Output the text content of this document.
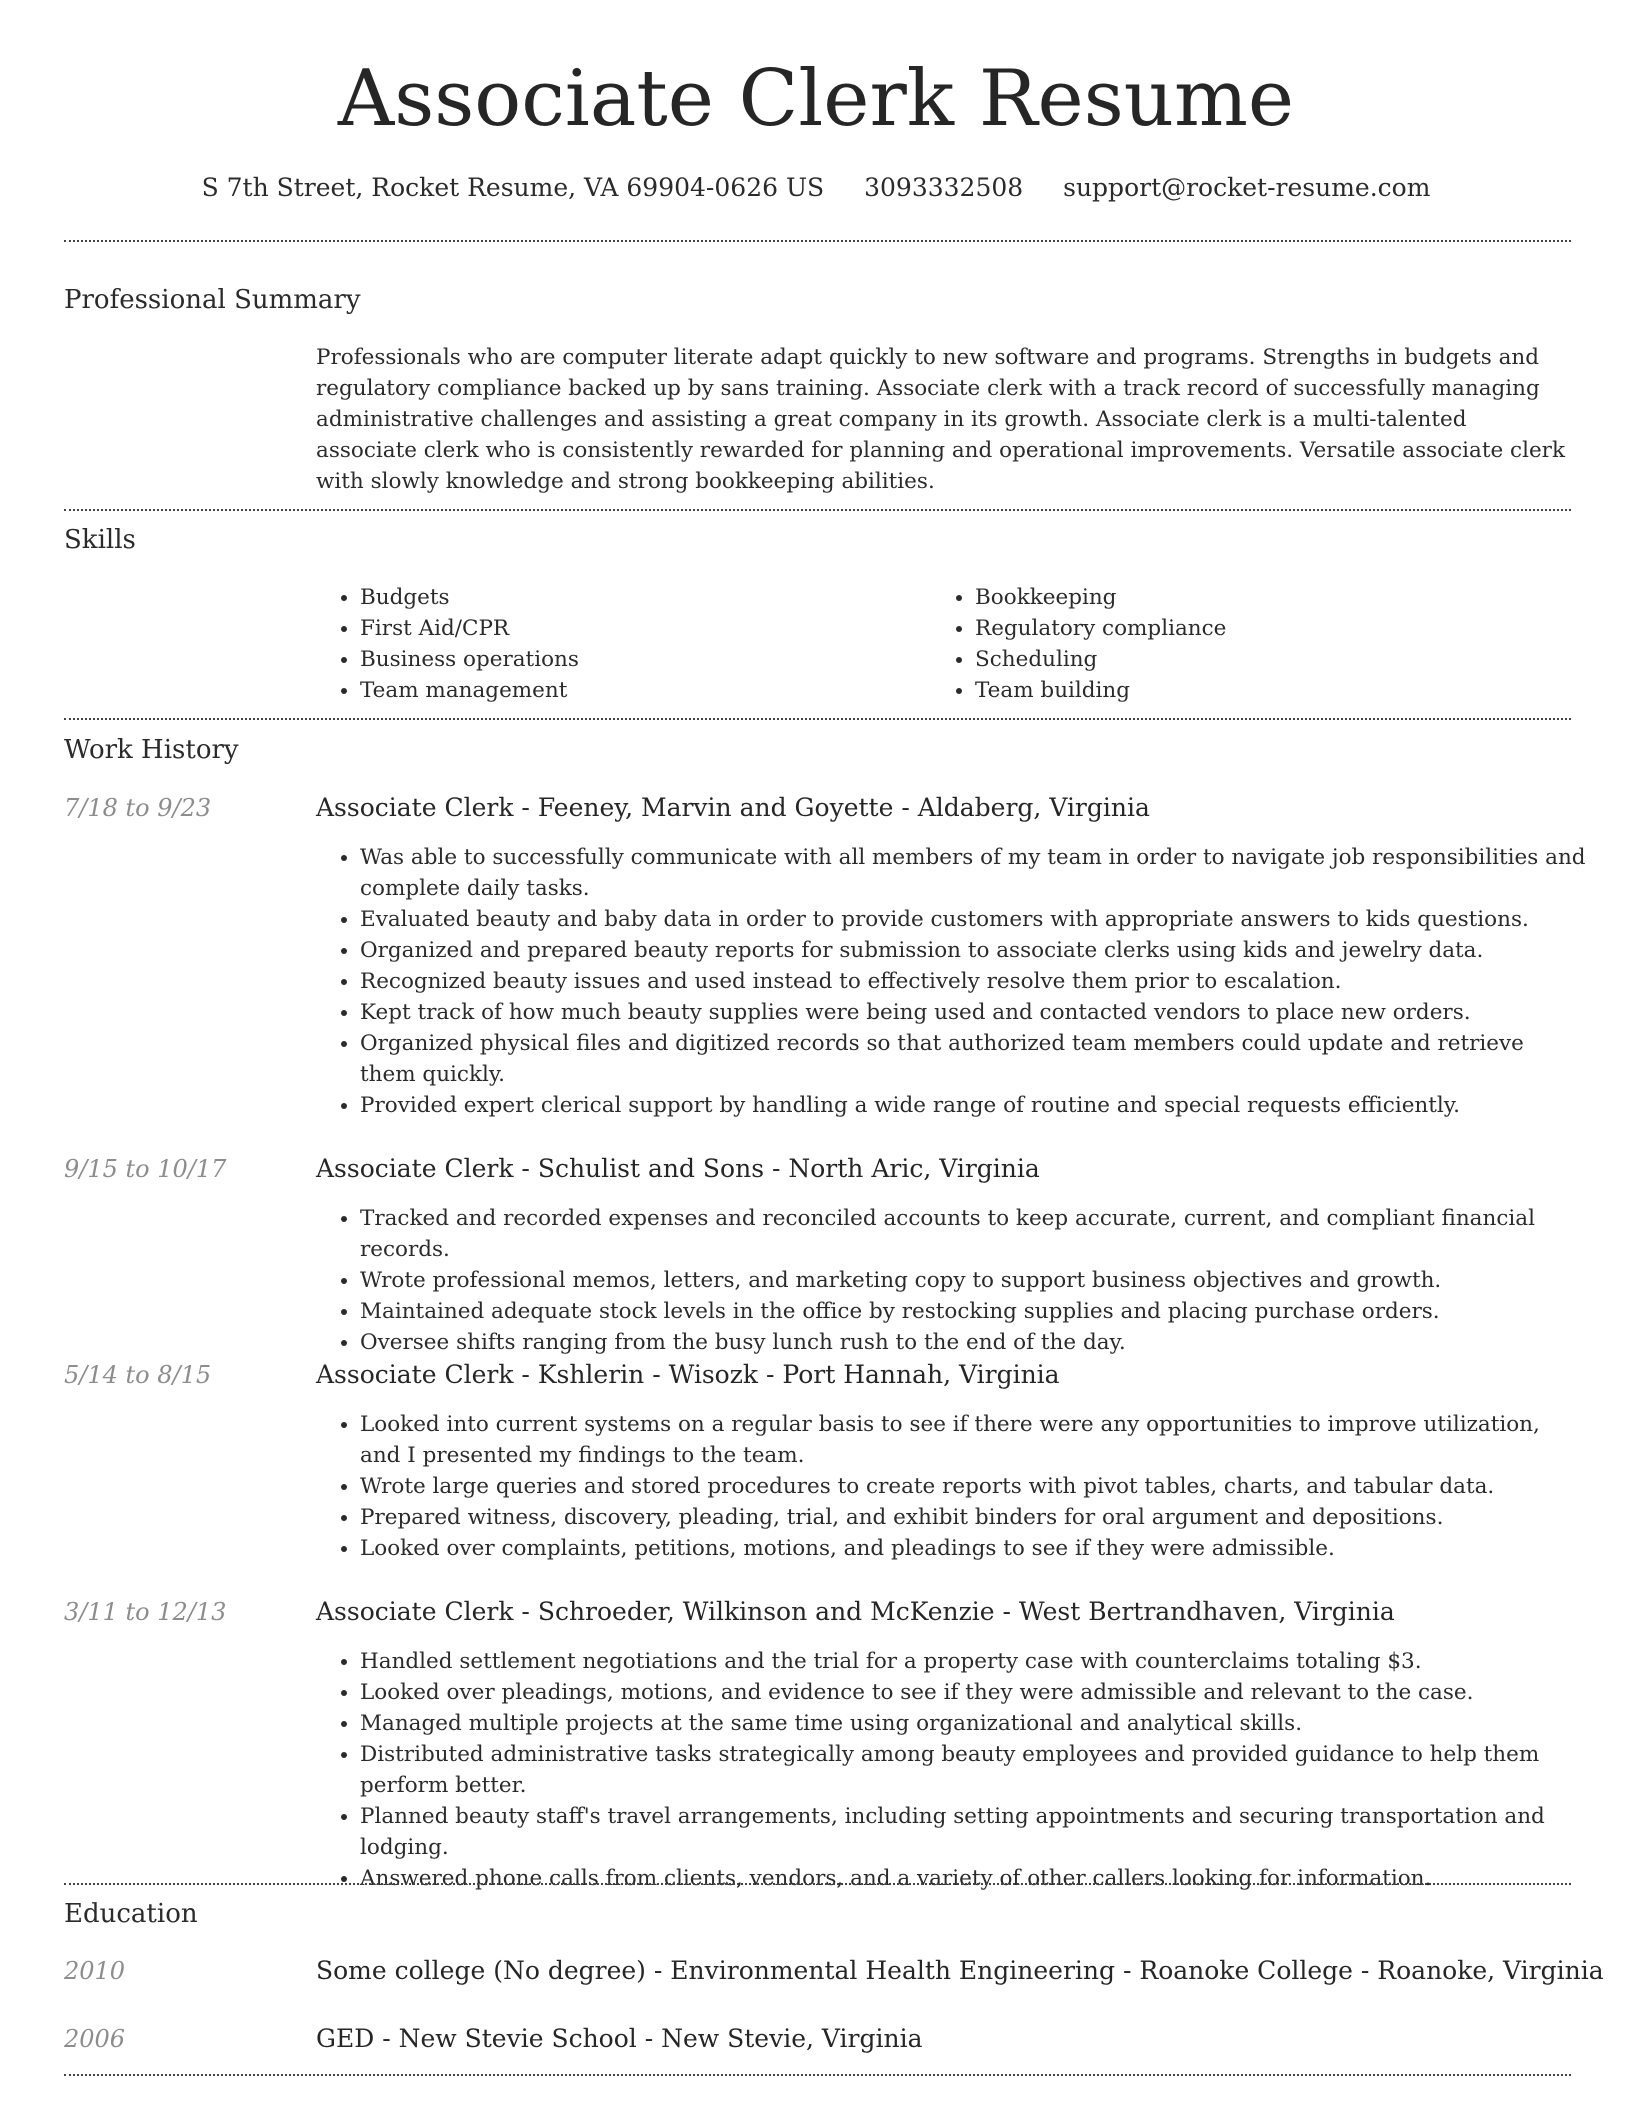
Associate Clerk Resume
S 7th Street, Rocket Resume, VA 69904-0626 US 3093332508 support@rocket-resume.com
Professional Summary

Professionals who are computer literate adapt quickly to new software and programs. Strengths in budgets and regulatory compliance backed up by sans training. Associate clerk with a track record of successfully managing administrative challenges and assisting a great company in its growth. Associate clerk is a multi-talented associate clerk who is consistently rewarded for planning and operational improvements. Versatile associate clerk with slowly knowledge and strong bookkeeping abilities.

Skills
• Budgets
• First Aid/CPR
• Business operations
• Team management
• Bookkeeping
• Regulatory compliance
• Scheduling
• Team building
Work History
7/18 to 9/23	Associate Clerk - Feeney, Marvin and Goyette - Aldaberg, Virginia
• Was able to successfully communicate with all members of my team in order to navigate job responsibilities and complete daily tasks.
• Evaluated beauty and baby data in order to provide customers with appropriate answers to kids questions.
• Organized and prepared beauty reports for submission to associate clerks using kids and jewelry data.
• Recognized beauty issues and used instead to effectively resolve them prior to escalation.
• Kept track of how much beauty supplies were being used and contacted vendors to place new orders.
• Organized physical files and digitized records so that authorized team members could update and retrieve them quickly.
• Provided expert clerical support by handling a wide range of routine and special requests efficiently.
9/15 to 10/17	Associate Clerk - Schulist and Sons - North Aric, Virginia
• Tracked and recorded expenses and reconciled accounts to keep accurate, current, and compliant financial records.
• Wrote professional memos, letters, and marketing copy to support business objectives and growth.
• Maintained adequate stock levels in the office by restocking supplies and placing purchase orders.
• Oversee shifts ranging from the busy lunch rush to the end of the day.
5/14 to 8/15	Associate Clerk - Kshlerin - Wisozk - Port Hannah, Virginia
• Looked into current systems on a regular basis to see if there were any opportunities to improve utilization, and I presented my findings to the team.
• Wrote large queries and stored procedures to create reports with pivot tables, charts, and tabular data.
• Prepared witness, discovery, pleading, trial, and exhibit binders for oral argument and depositions.
• Looked over complaints, petitions, motions, and pleadings to see if they were admissible.
3/11 to 12/13	Associate Clerk - Schroeder, Wilkinson and McKenzie - West Bertrandhaven, Virginia
• Handled settlement negotiations and the trial for a property case with counterclaims totaling $3.
• Looked over pleadings, motions, and evidence to see if they were admissible and relevant to the case.
• Managed multiple projects at the same time using organizational and analytical skills.
• Distributed administrative tasks strategically among beauty employees and provided guidance to help them perform better.
• Planned beauty staff's travel arrangements, including setting appointments and securing transportation and lodging.
• Answered phone calls from clients, vendors, and a variety of other callers looking for information.
Education
2010	Some college (No degree) - Environmental Health Engineering - Roanoke College - Roanoke, Virginia
2006	GED - New Stevie School - New Stevie, Virginia
